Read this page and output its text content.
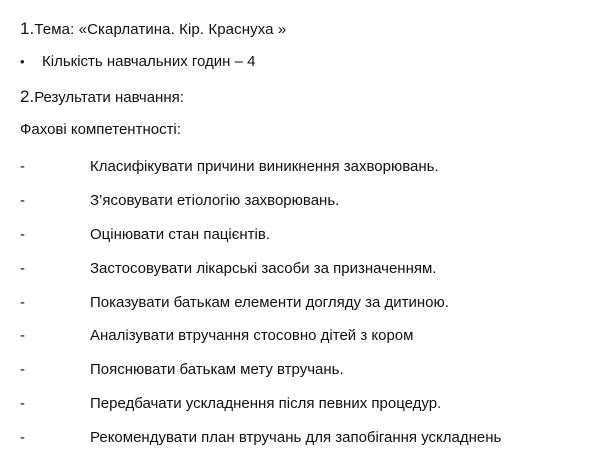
1.Тема: «Скарлатина. Кір. Краснуха »
• Кількість навчальних годин – 4
2.Результати навчання:
Фахові компетентності:
-	Класифікувати причини виникнення захворювань.
-	З’ясовувати етіологію захворювань.
-	Оцінювати стан пацієнтів.
-	Застосовувати лікарські засоби за призначенням.
-	Показувати батькам елементи догляду за дитиною.
-	Аналізувати втручання стосовно дітей з кором
-	Пояснювати батькам мету втручань.
-	Передбачати ускладнення після певних процедур.
-	Рекомендувати план втручань для запобігання ускладнень
